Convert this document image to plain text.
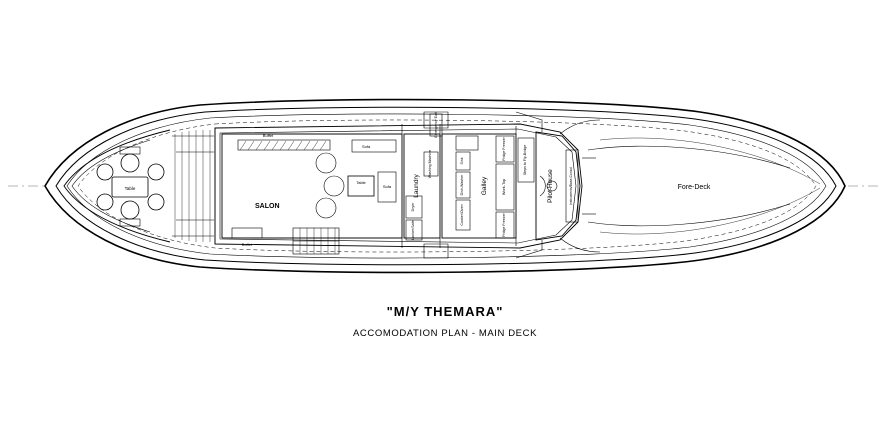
Table
SALON
Buffet
Sofa
Table
Sofa
Buffet
Laundry
Emergency Exit
Dryer
Locker/Safe
Washing Machine
Galley
Sink
Dish-Washer
Cooker/Oven
Fridge Freezer
Work-Top
Fridge Freezer
Steps to Fly-Bridge
Pilot-House	Instruments/Base-Consol	Fore-Deck
"M/Y THEMARA"
ACCOMODATION PLAN - MAIN DECK
